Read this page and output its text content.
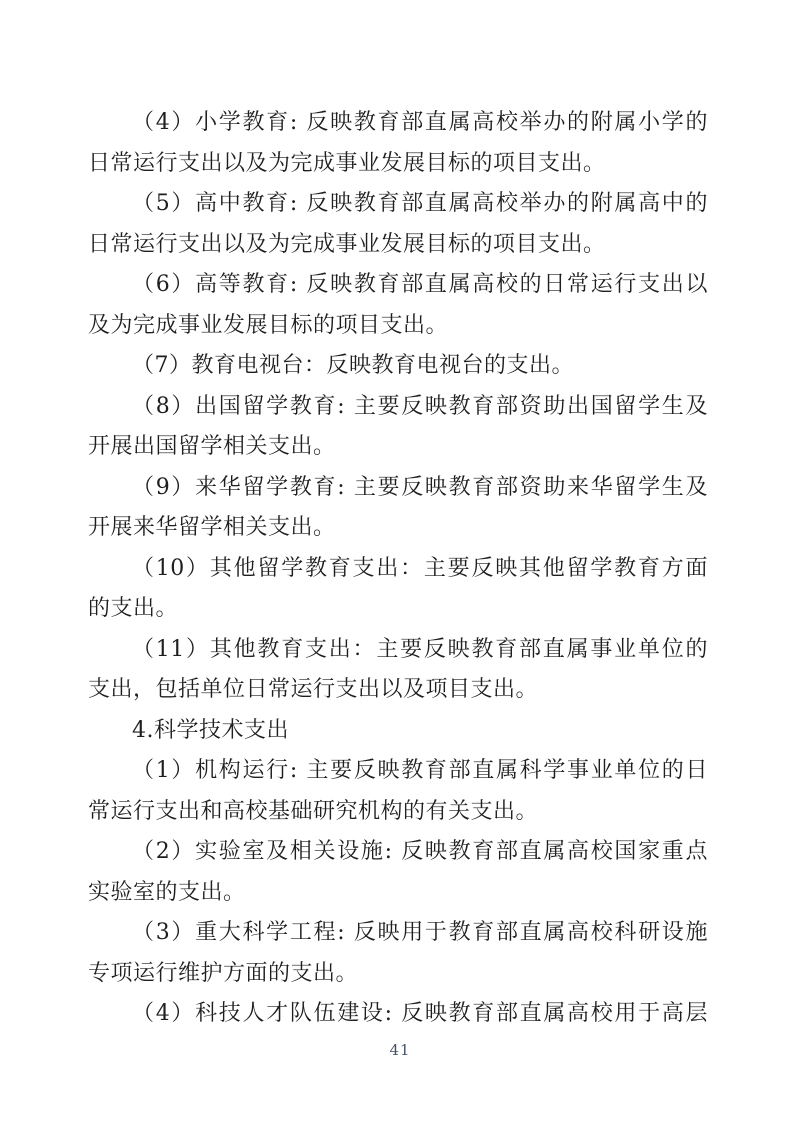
（4）小学教育: 反映教育部直属高校举办的附属小学的
日常运行支出以及为完成事业发展目标的项目支出。
（5）高中教育: 反映教育部直属高校举办的附属高中的
日常运行支出以及为完成事业发展目标的项目支出。
（6）高等教育: 反映教育部直属高校的日常运行支出以
及为完成事业发展目标的项目支出。
（7）教育电视台：反映教育电视台的支出。
（8）出国留学教育: 主要反映教育部资助出国留学生及
开展出国留学相关支出。
（9）来华留学教育: 主要反映教育部资助来华留学生及
开展来华留学相关支出。
（10）其他留学教育支出：主要反映其他留学教育方面
的支出。
（11）其他教育支出：主要反映教育部直属事业单位的
支出，包括单位日常运行支出以及项目支出。
4.科学技术支出
（1）机构运行: 主要反映教育部直属科学事业单位的日
常运行支出和高校基础研究机构的有关支出。
（2）实验室及相关设施: 反映教育部直属高校国家重点
实验室的支出。
（3）重大科学工程: 反映用于教育部直属高校科研设施
专项运行维护方面的支出。
（4）科技人才队伍建设: 反映教育部直属高校用于高层
41
